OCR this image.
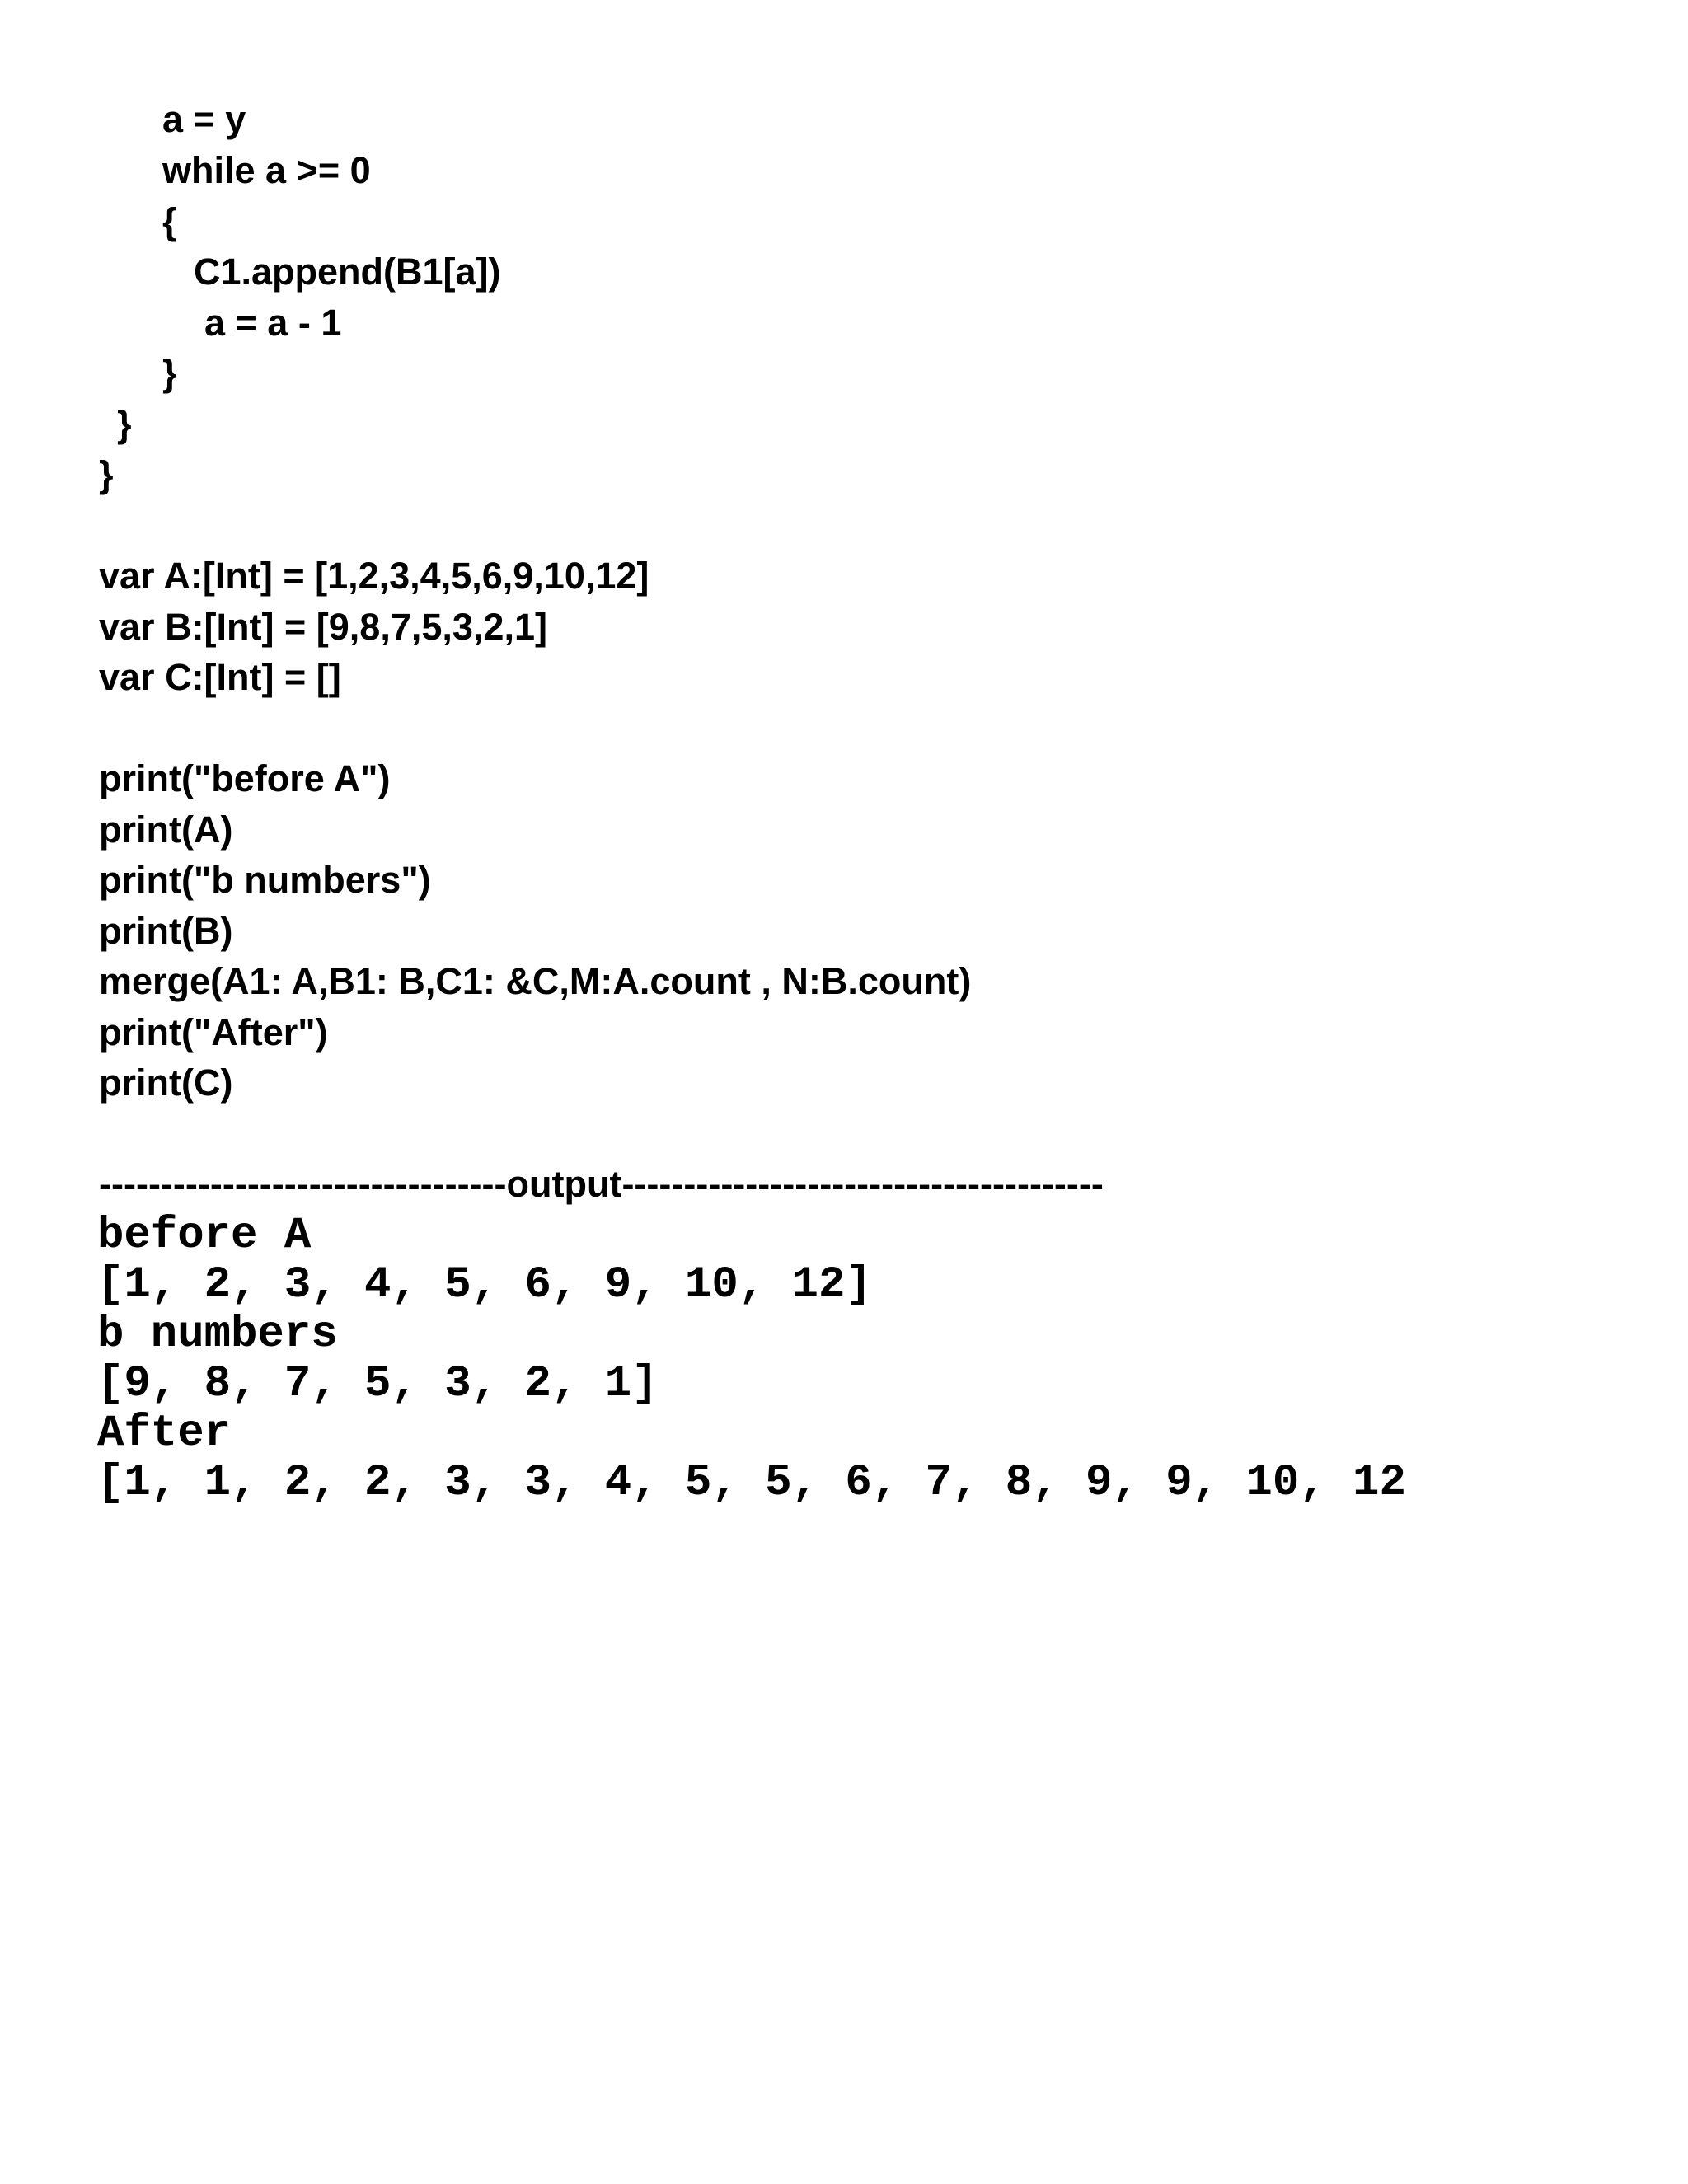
a = y

while a >= 0

{

C1.append(B1[a])

a = a - 1

}

}

}

var A:[Int] = [1,2,3,4,5,6,9,10,12]

var B:[Int] = [9,8,7,5,3,2,1]

var C:[Int] = []

print("before A")

print(A)

print("b numbers")

print(B)

merge(A1: A,B1: B,C1: &C,M:A.count , N:B.count)

print("After")

print(C)

---------------------------------output---------------------------------------

before A

[1, 2, 3, 4, 5, 6, 9, 10, 12]

b numbers

[9, 8, 7, 5, 3, 2, 1]

After

[1, 1, 2, 2, 3, 3, 4, 5, 5, 6, 7, 8, 9, 9, 10, 12
